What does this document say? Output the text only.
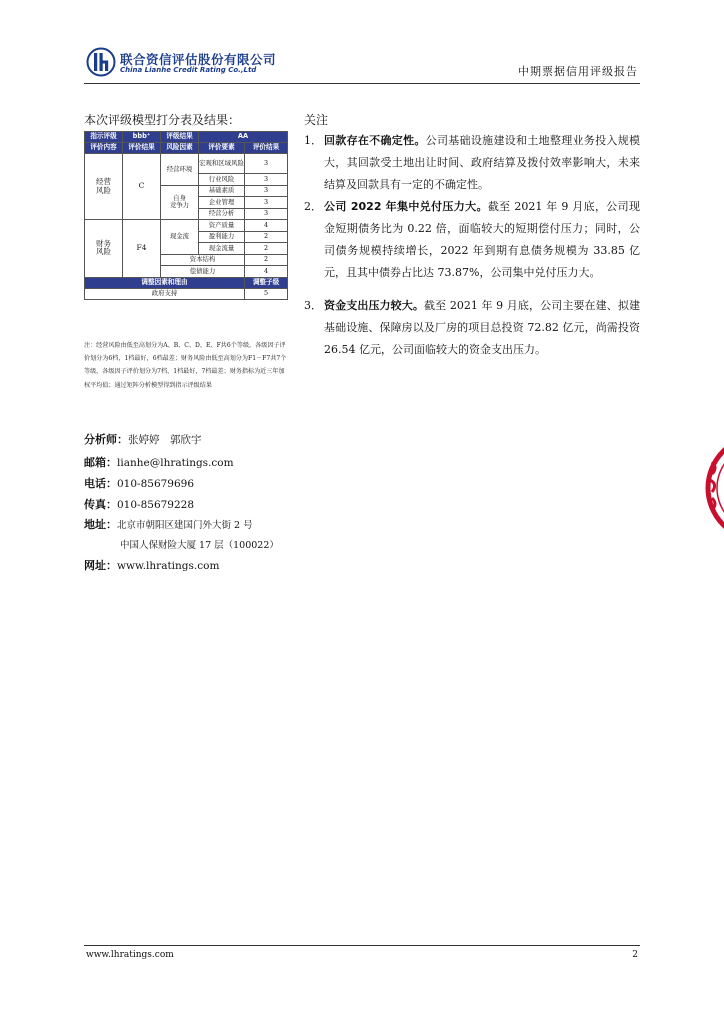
联合资信评估股份有限公司
China Lianhe Credit Rating Co.,Ltd	中期票据信用评级报告
本次评级模型打分表及结果：
指示评级	bbb⁺	评级结果	AA	
评价内容	评价结果	风险因素	评价要素	评价结果
经营
风险	C	经营环境	宏观和区域风险	3
			行业风险	3
		自身
竞争力	基础素质	3
			企业管理	3
			经营分析	3
财务
风险	F4	现金流	资产质量	4
			盈利能力	2
			现金流量	2
		资本结构		2
		偿债能力		4
调整因素和理由				调整子级
政府支持				5
注：经营风险由低至高划分为A、B、C、D、E、F共6个等级，各级因子评价划分为6档，1档最好，6档最差；财务风险由低至高划分为F1－F7共7个等级，各级因子评价划分为7档，1档最好，7档最差；财务指标为近三年加权平均值；通过矩阵分析模型得到指示评级结果
分析师：张婷婷　郭欣宇
邮箱：lianhe@lhratings.com
电话：010-85679696
传真：010-85679228
地址：北京市朝阳区建国门外大街 2 号
中国人保财险大厦 17 层（100022）
网址：www.lhratings.com
关注
1． 回款存在不确定性。公司基础设施建设和土地整理业务投入规模大，其回款受土地出让时间、政府结算及拨付效率影响大，未来结算及回款具有一定的不确定性。
2． 公司 2022 年集中兑付压力大。截至 2021 年 9 月底，公司现金短期债务比为 0.22 倍，面临较大的短期偿付压力；同时，公司债务规模持续增长，2022 年到期有息债务规模为 33.85 亿元，且其中债券占比达 73.87%，公司集中兑付压力大。
3． 资金支出压力较大。截至 2021 年 9 月底，公司主要在建、拟建基础设施、保障房以及厂房的项目总投资 72.82 亿元，尚需投资 26.54 亿元，公司面临较大的资金支出压力。
www.lhratings.com	2
